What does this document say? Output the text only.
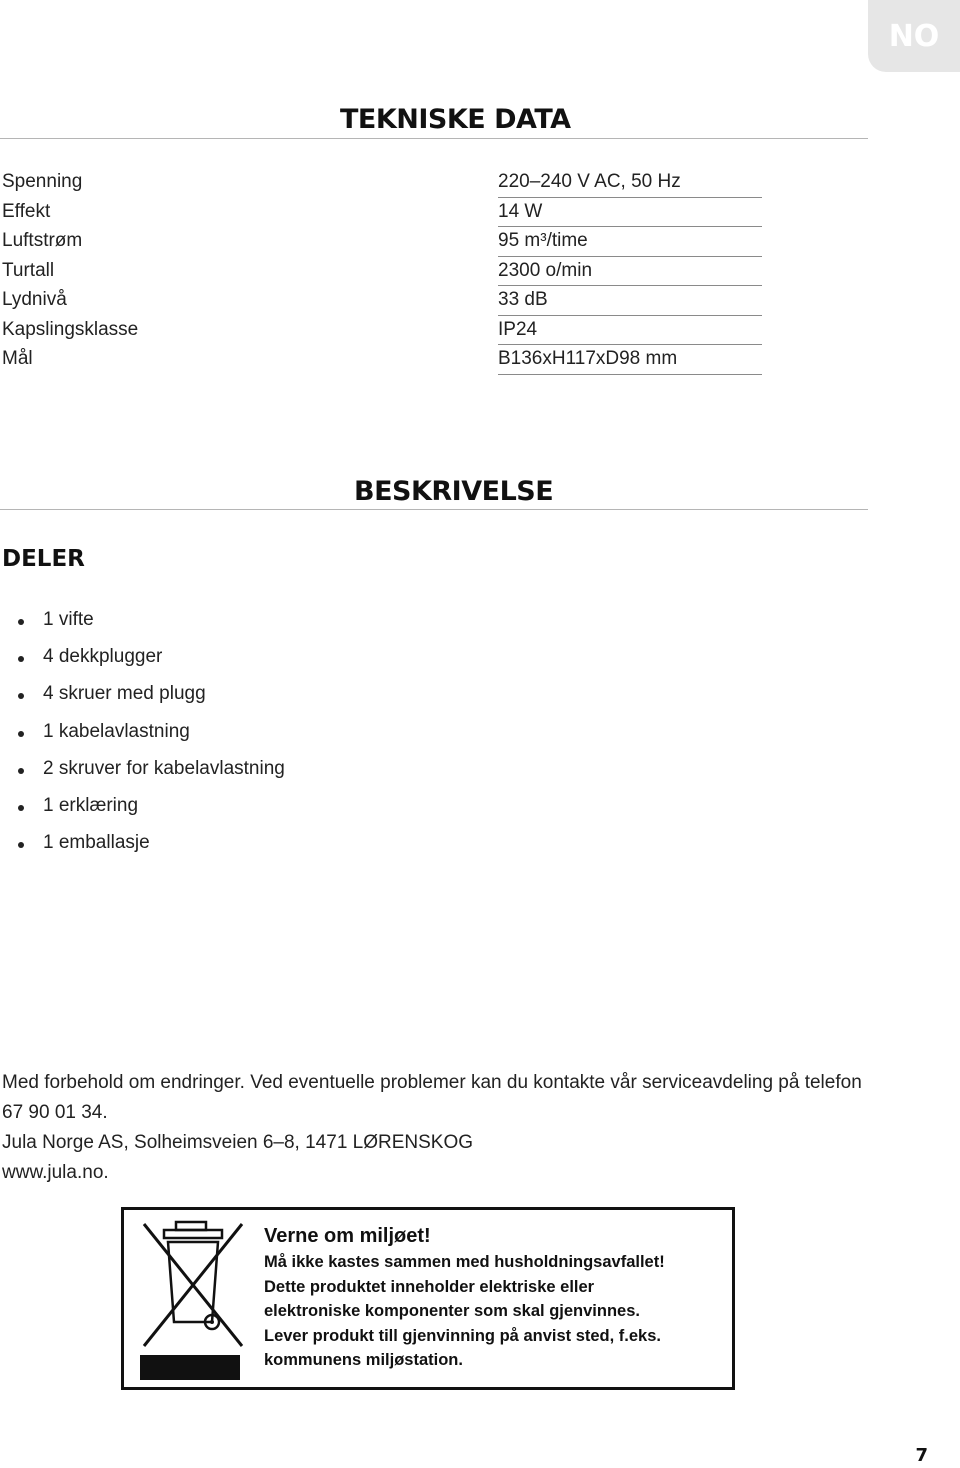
NO
TEKNISKE DATA
Spenning	220–240 V AC, 50 Hz
Effekt	14 W
Luftstrøm	95 m³/time
Turtall	2300 o/min
Lydnivå	33 dB
Kapslingsklasse	IP24
Mål	B136xH117xD98 mm
BESKRIVELSE
DELER
1 vifte
4 dekkplugger
4 skruer med plugg
1 kabelavlastning
2 skruver for kabelavlastning
1 erklæring
1 emballasje
Med forbehold om endringer. Ved eventuelle problemer kan du kontakte vår serviceavdeling på telefon
67 90 01 34.
Jula Norge AS, Solheimsveien 6–8, 1471 LØRENSKOG
www.jula.no.
Verne om miljøet!
Må ikke kastes sammen med husholdningsavfallet!
Dette produktet inneholder elektriske eller
elektroniske komponenter som skal gjenvinnes.
Lever produkt till gjenvinning på anvist sted, f.eks.
kommunens miljøstation.
7
